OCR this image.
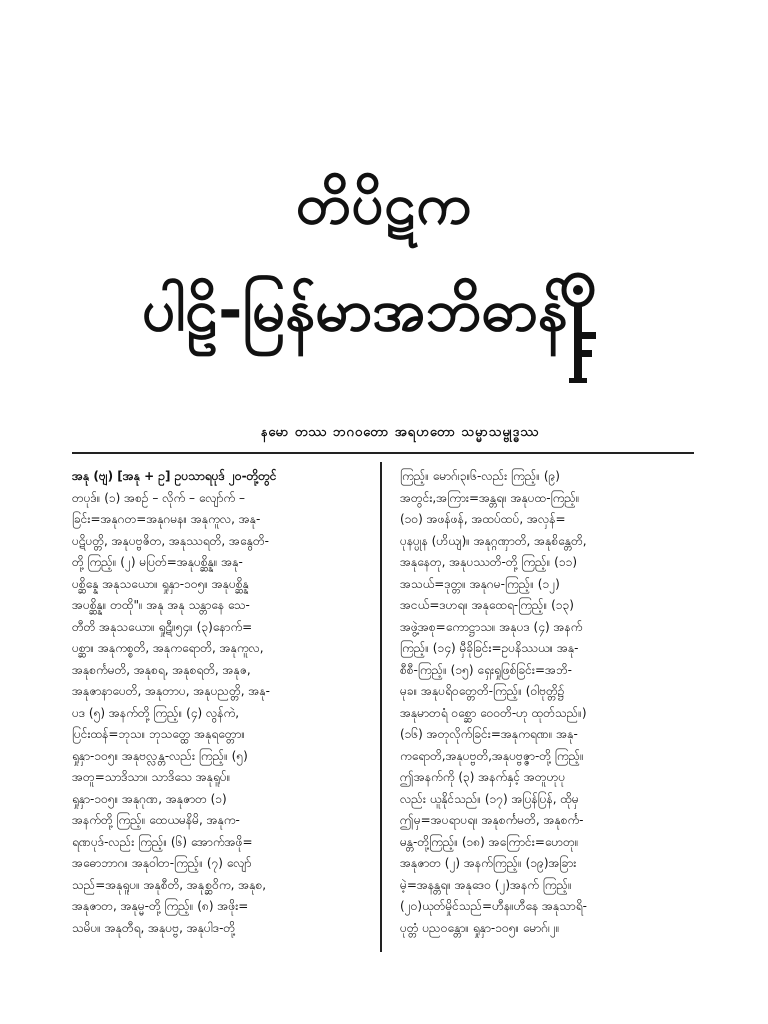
တိပိဋက
ပါဠိ-မြန်မာအဘိဓာန်
နမော တဿ ဘဂဝတော အရဟတော သမ္မာသမ္ဗုဒ္ဓဿ
အနု (ဗျ) [အနု + ဥ] ဥပသာရပုဒ် ၂၀-တို့တွင်
တပုဒ်။ (၁) အစဉ် – လိုက် – လျော်က် –
ခြင်း=အနုဂတ=အနုဂမန။ အနုကူလ, အနု-
ပဋိပတ္တိ, အနုပဗ္ဗဇိတ, အနုဿရတိ, အနွေတိ-
တို့ ကြည့်။ (၂) မပြတ်=အနုပစ္ဆိန္န။ အနု-
ပစ္ဆိန္နေ အနုသယော။ ရှုနှာ-၁၀၅။ အနုပစ္ဆိန္န
အပစ္ဆိန္န။ တထို"။ အနု အနု သန္တာနေ သေ-
တီတိ အနုသယော။ ရှုဋီ။၅၄။ (၃)နောက်=
ပစ္ဆာ။ အနုကစ္စတိ, အနုကရောတိ, အနုကူလ,
အနုစင်္ကမတိ, အနုစရ, အနုစရတိ, အနုဇ,
အနုဇာနာပေတိ, အနုတာပ, အနုပညတ္တိ, အနု-
ပဒ (၅) အနက်တို့ ကြည့်။ (၄) လွန်ကဲ,
ပြင်းထန်=ဘုသ။ ဘုသတ္ထေ အနုရတ္တော။
ရှုနှာ-၁၀၅။ အနုဗလ္လန္တ-လည်း ကြည့်။ (၅)
အတူ=သာဒိသာ။ သာဒိသေ အနုရူပ်။
ရှုနှာ-၁၀၅။ အနုဂုဏ, အနုဇာတ (၁)
အနက်တို့ ကြည့်။ ထေယမနိမိ, အနုက-
ရဏပုဒ်-လည်း ကြည့်။ (၆) အောက်အဖို=
အဓောဘာဂ။ အနုဝါတ-ကြည့်။ (၇) လျော်
သည်=အနုရူပ။ အနုစီတိ, အနုစ္ဆဝိက, အနုစ,
အနုဇာတ, အနုမ္မ-တို့ ကြည့်။ (၈) အဖိုး=
သမိပ။ အနုတီရ, အနုပဗ္ဗ, အနုပါဒ-တို့
ကြည့်။ မောဂ်၊၃။၆-လည်း ကြည့်။ (၉)
အတွင်း,အကြား=အန္တရ။ အနုပထ-ကြည့်။
(၁၀) အဖန်ဖန်, အထပ်ထပ်, အလှန်=
ပုနပ္ပုန (ဟိယျ)။ အနုဂ္ဂဏှာတိ, အနုစိန္တေတိ,
အနုနေတု, အနုပဿတိ-တို့ ကြည့်။ (၁၁)
အသယ်=ဒုတ္တ။ အနုဂမ-ကြည့်။ (၁၂)
အငယ်=ဒဟရ။ အနုထေရ-ကြည့်။ (၁၃)
အဖွဲ့အစု=ကောဋ္ဌာသ။ အနုပဒ (၄) အနက်
ကြည့်။ (၁၄) မှီခိုခြင်း=ဥပနိဿယ။ အနု-
စီစီ-ကြည့်။ (၁၅) ရှေးရှုဖြစ်ခြင်း=အဘိ-
မုခ။ အနုပရိဝတ္တေတိ-ကြည့်။ (ဝါဗုတ္တိ၌
အနုမာတရံ ဝစ္ဆော ဝေဝတိ-ဟု ထုတ်သည်။)
(၁၆) အတုလိုက်ခြင်း=အနုကရဏ။ အနု-
ကရောတိ,အနုပဗ္ဗတိ,အနုပဗ္ဗဇ္ဇာ-တို့ ကြည့်။
ဤအနက်ကို (၃) အနက်နှင့် အတူဟုပု
လည်း ယူနိုင်သည်။ (၁၇) အပြန်ပြန်, ထိုမှ
ဤမှ=အပရာပရ။ အနုစင်္ကမတိ, အနုစင်္က-
မန္တ-တို့ကြည့်။ (၁၈) အကြောင်း=ဟေတု။
အနုဇာတ (၂) အနက်ကြည့်။ (၁၉)အခြား
မဲ့=အနန္တရ။ အနုဒေဝ (၂)အနက် ကြည့်။
(၂၀)ယုတ်မှိုင်သည်=ဟီန။ဟီနေ အနုသာရိ-
ပုတ္တံ ပညဝန္တော။ ရှုနှာ-၁၀၅။ မောဂ်၊၂။
